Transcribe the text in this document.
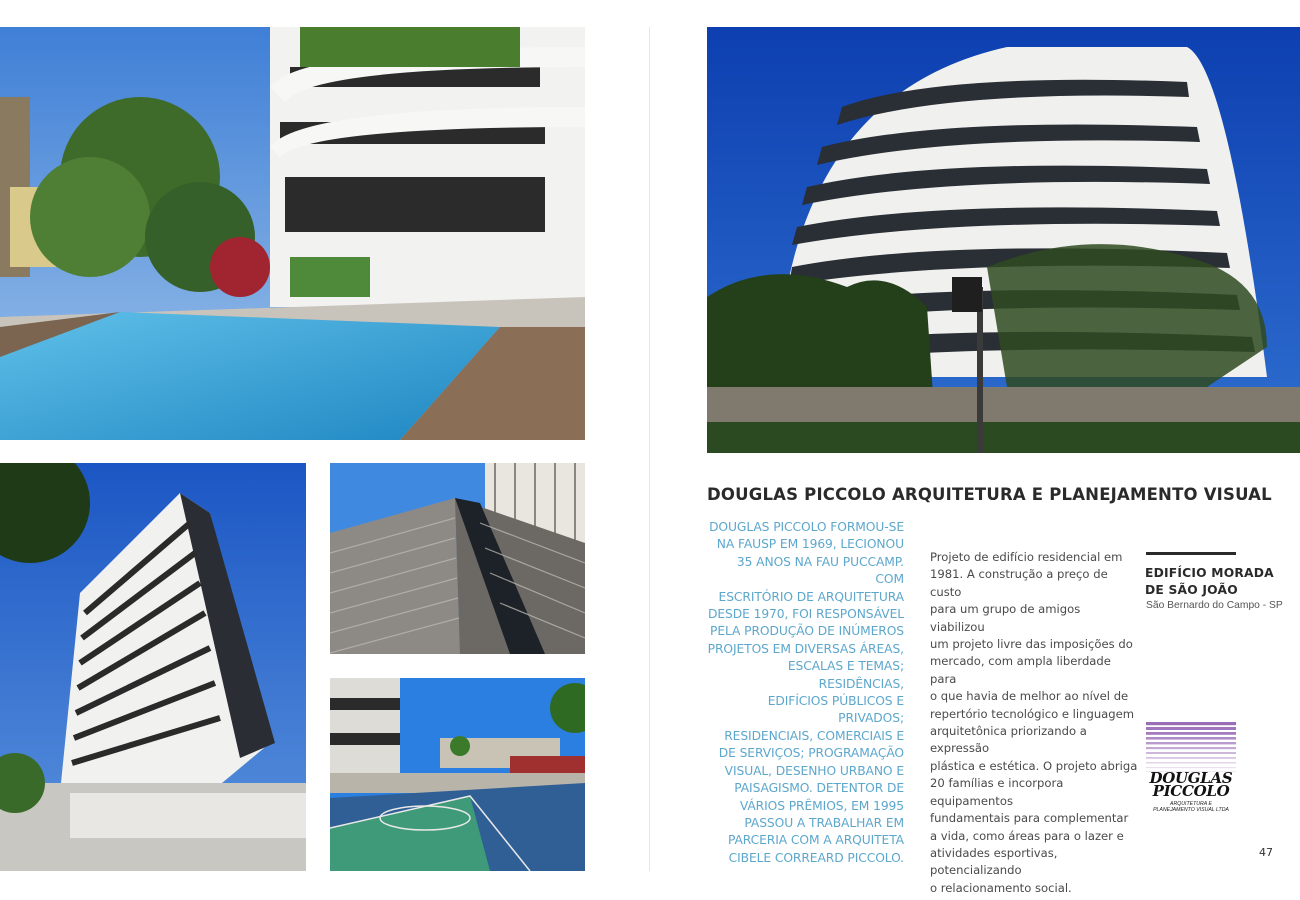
DOUGLAS PICCOLO ARQUITETURA E PLANEJAMENTO VISUAL
DOUGLAS PICCOLO FORMOU-SE
NA FAUSP EM 1969, LECIONOU
35 ANOS NA FAU PUCCAMP. COM
ESCRITÓRIO DE ARQUITETURA
DESDE 1970, FOI RESPONSÁVEL
PELA PRODUÇÃO DE INÚMEROS
PROJETOS EM DIVERSAS ÁREAS,
ESCALAS E TEMAS; RESIDÊNCIAS,
EDIFÍCIOS PÚBLICOS E PRIVADOS;
RESIDENCIAIS, COMERCIAIS E
DE SERVIÇOS; PROGRAMAÇÃO
VISUAL, DESENHO URBANO E
PAISAGISMO. DETENTOR DE
VÁRIOS PRÊMIOS, EM 1995
PASSOU A TRABALHAR EM
PARCERIA COM A ARQUITETA
CIBELE CORREARD PICCOLO.
Projeto de edifício residencial em
1981. A construção a preço de custo
para um grupo de amigos viabilizou
um projeto livre das imposições do
mercado, com ampla liberdade para
o que havia de melhor ao nível de
repertório tecnológico e linguagem
arquitetônica priorizando a expressão
plástica e estética. O projeto abriga
20 famílias e incorpora equipamentos
fundamentais para complementar
a vida, como áreas para o lazer e
atividades esportivas, potencializando
o relacionamento social.
EDIFÍCIO MORADA
DE SÃO JOÃO
São Bernardo do Campo - SP
DOUGLAS
PICCOLO
ARQUITETURA E
PLANEJAMENTO VISUAL LTDA
47
